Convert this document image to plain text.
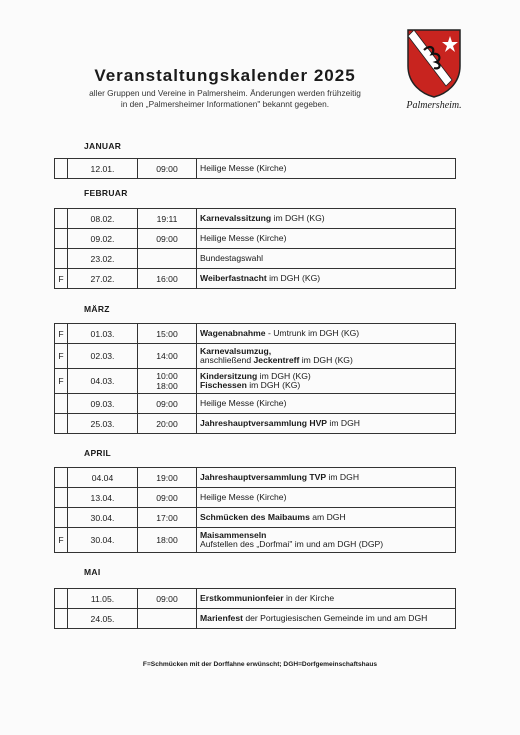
Veranstaltungskalender 2025
aller Gruppen und Vereine in Palmersheim. Änderungen werden frühzeitig
in den „Palmersheimer Informationen" bekannt gegeben.	Palmersheim.
JANUAR
FEBRUAR
MÄRZ
APRIL
MAI
F=Schmücken mit der Dorffahne erwünscht; DGH=Dorfgemeinschaftshaus
12.01.	09:00	Heilige Messe (Kirche)
08.02.	19:11	Karnevalssitzung im DGH (KG)
09.02.	09:00	Heilige Messe (Kirche)
23.02.	Bundestagswahl
F	27.02.	16:00	Weiberfastnacht im DGH (KG)
F	01.03.	15:00	Wagenabnahme - Umtrunk im DGH (KG)
F	02.03.	14:00
Karnevalsumzug,
anschließend Jeckentreff im DGH (KG)
F	04.03.	10:00
18:00
Kindersitzung im DGH (KG)
Fischessen im DGH (KG)
09.03.	09:00	Heilige Messe (Kirche)
25.03.	20:00	Jahreshauptversammlung HVP im DGH
04.04	19:00	Jahreshauptversammlung TVP im DGH
13.04.	09:00	Heilige Messe (Kirche)
30.04.	17:00	Schmücken des Maibaums am DGH
F	30.04.	18:00
Maisammenseln
Aufstellen des „Dorfmai" im und am DGH (DGP)
11.05.	09:00	Erstkommunionfeier in der Kirche
24.05.	Marienfest der Portugiesischen Gemeinde im und am DGH
